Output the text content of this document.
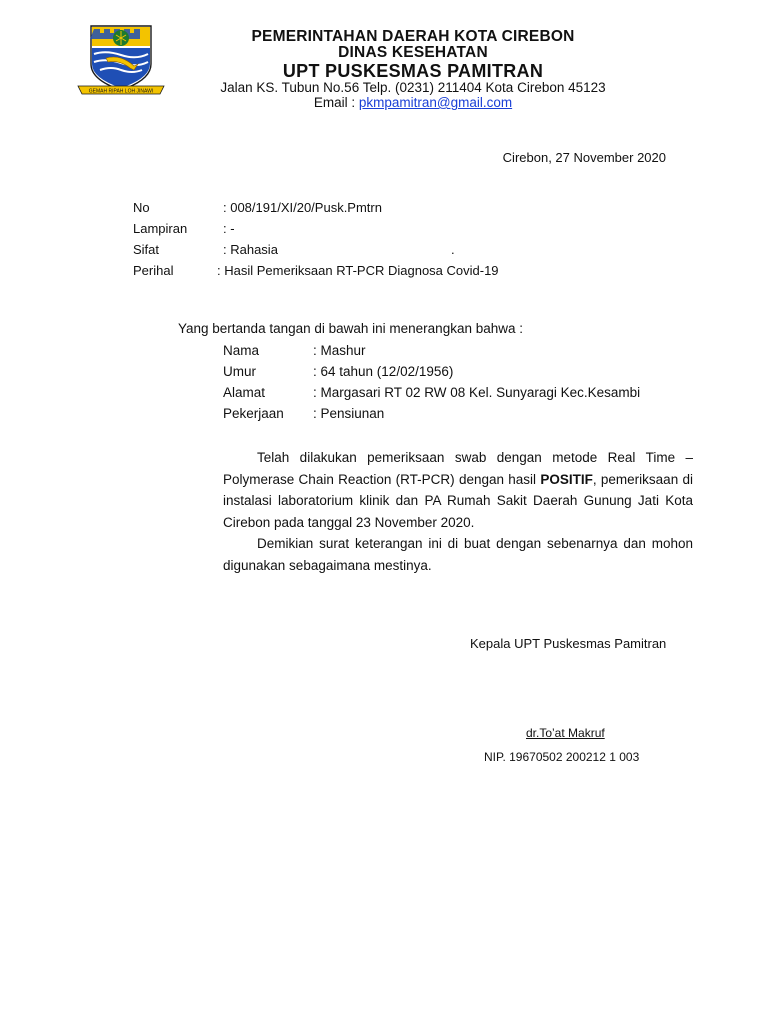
GEMAH RIPAH LOH JINAWI
PEMERINTAHAN DAERAH KOTA CIREBON
DINAS KESEHATAN
UPT PUSKESMAS PAMITRAN
Jalan KS. Tubun No.56 Telp. (0231) 211404 Kota Cirebon 45123
Email : pkmpamitran@gmail.com
Cirebon, 27 November 2020
No	: 008/191/XI/20/Pusk.Pmtrn
Lampiran	: -
Sifat	: Rahasia	.
Perihal	: Hasil Pemeriksaan RT-PCR Diagnosa Covid-19
Yang bertanda tangan di bawah ini menerangkan bahwa :
Nama	: Mashur
Umur	: 64 tahun (12/02/1956)
Alamat	: Margasari RT 02 RW 08 Kel. Sunyaragi Kec.Kesambi
Pekerjaan	: Pensiunan
Telah dilakukan pemeriksaan swab dengan metode Real Time – Polymerase Chain Reaction (RT-PCR) dengan hasil POSITIF, pemeriksaan di instalasi laboratorium klinik dan PA Rumah Sakit Daerah Gunung Jati Kota Cirebon pada tanggal 23 November 2020.
Demikian surat keterangan ini di buat dengan sebenarnya dan mohon digunakan sebagaimana mestinya.
Kepala UPT Puskesmas Pamitran
dr.To’at Makruf
NIP. 19670502 200212 1 003
